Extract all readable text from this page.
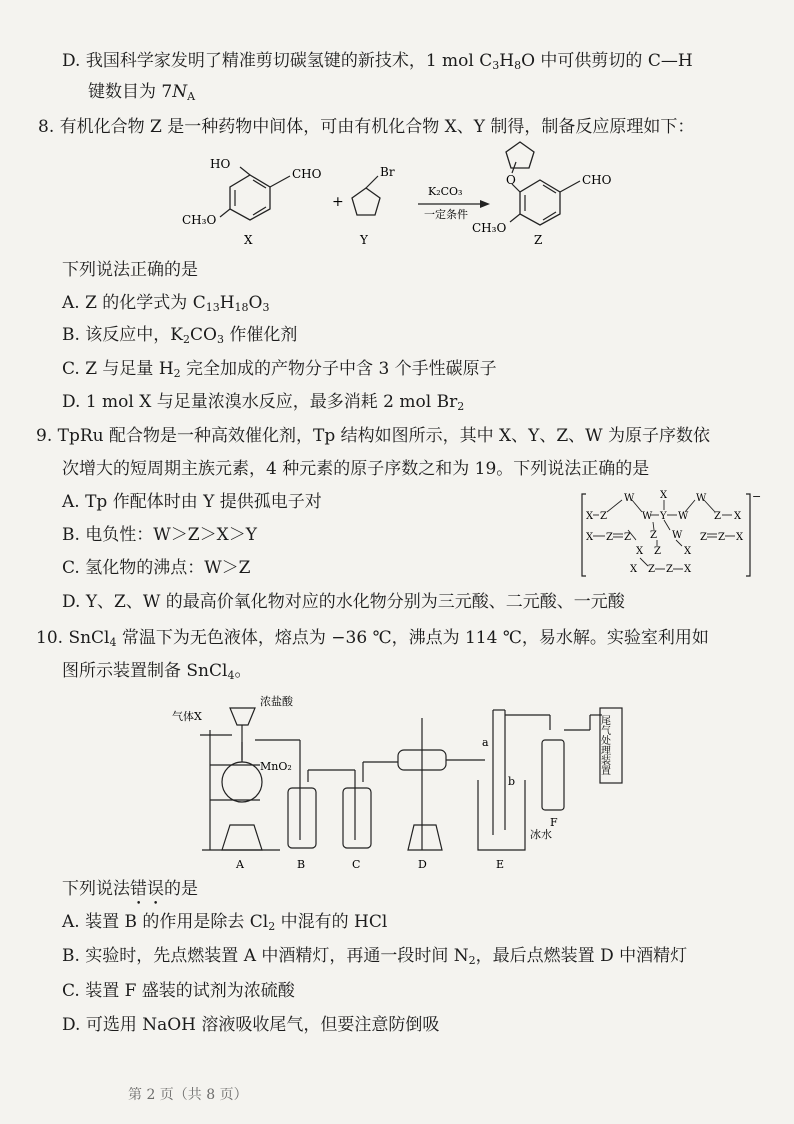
D. 我国科学家发明了精准剪切碳氢键的新技术，1 mol $C_3H_8O$ 中可供剪切的 C—H
键数目为 $7N_A$
8. 有机化合物 Z 是一种药物中间体，可由有机化合物 X、Y 制得，制备反应原理如下：
HO
CHO
CH₃O
X
+
Br
Y
K₂CO₃
一定条件
O	CHO
CH₃O
Z
下列说法正确的是
A. Z 的化学式为 $C_{13}H_{18}O_3$
B. 该反应中，$K_2CO_3$ 作催化剂
C. Z 与足量 $H_2$ 完全加成的产物分子中含 3 个手性碳原子
D. 1 mol X 与足量浓溴水反应，最多消耗 2 mol $Br_2$
9. TpRu 配合物是一种高效催化剂，Tp 结构如图所示，其中 X、Y、Z、W 为原子序数依
次增大的短周期主族元素，4 种元素的原子序数之和为 19。下列说法正确的是
A. Tp 作配体时由 Y 提供孤电子对
B. 电负性：W＞Z＞X＞Y
C. 氢化物的沸点：W＞Z
D. Y、Z、W 的最高价氧化物对应的水化物分别为三元酸、二元酸、一元酸
−
X Z
W
W Y
X
W
W
Z X
X Z Z	Z Z X
Z W
X	X
Z
X Z Z X
10. SnCl$_4$ 常温下为无色液体，熔点为 −36 ℃，沸点为 114 ℃，易水解。实验室利用如
图所示装置制备 SnCl$_4$。
气体X
浓盐酸
MnO₂
a
b
冰水
尾气处理装置
A	B	C	D	E
F
下列说法错误的是
A. 装置 B 的作用是除去 $Cl_2$ 中混有的 HCl
B. 实验时，先点燃装置 A 中酒精灯，再通一段时间 $N_2$，最后点燃装置 D 中酒精灯
C. 装置 F 盛装的试剂为浓硫酸
D. 可选用 NaOH 溶液吸收尾气，但要注意防倒吸
第 2 页（共 8 页）
